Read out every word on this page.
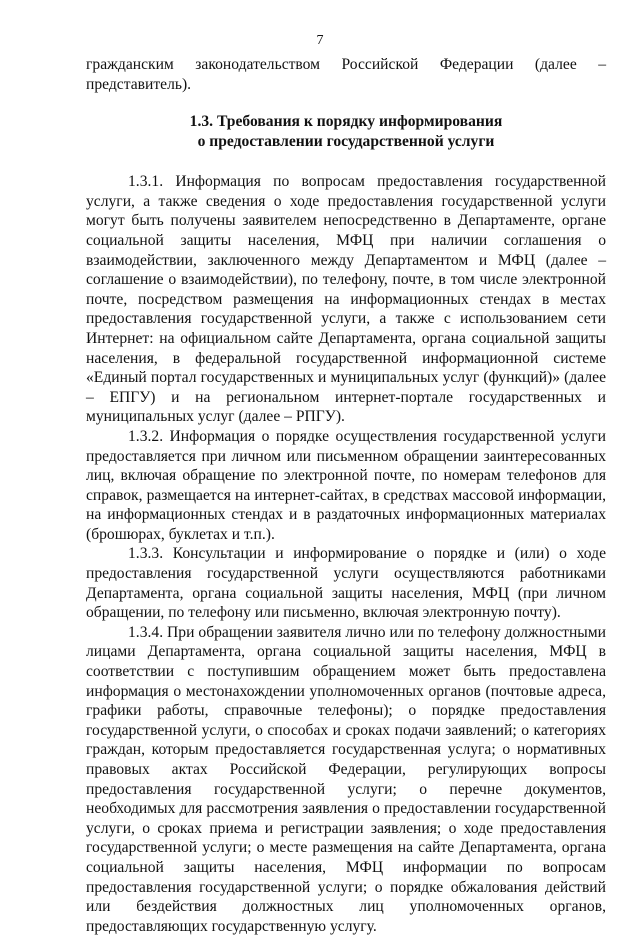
7

гражданским законодательством Российской Федерации (далее – представитель).

1.3. Требования к порядку информирования
о предоставлении государственной услуги

1.3.1. Информация по вопросам предоставления государственной услуги, а также сведения о ходе предоставления государственной услуги могут быть получены заявителем непосредственно в Департаменте, органе социальной защиты населения, МФЦ при наличии соглашения о взаимодействии, заключенного между Департаментом и МФЦ (далее – соглашение о взаимодействии), по телефону, почте, в том числе электронной почте, посредством размещения на информационных стендах в местах предоставления государственной услуги, а также с использованием сети Интернет: на официальном сайте Департамента, органа социальной защиты населения, в федеральной государственной информационной системе «Единый портал государственных и муниципальных услуг (функций)» (далее – ЕПГУ) и на региональном интернет-портале государственных и муниципальных услуг (далее – РПГУ).

1.3.2. Информация о порядке осуществления государственной услуги предоставляется при личном или письменном обращении заинтересованных лиц, включая обращение по электронной почте, по номерам телефонов для справок, размещается на интернет-сайтах, в средствах массовой информации, на информационных стендах и в раздаточных информационных материалах (брошюрах, буклетах и т.п.).

1.3.3. Консультации и информирование о порядке и (или) о ходе предоставления государственной услуги осуществляются работниками Департамента, органа социальной защиты населения, МФЦ (при личном обращении, по телефону или письменно, включая электронную почту).

1.3.4. При обращении заявителя лично или по телефону должностными лицами Департамента, органа социальной защиты населения, МФЦ в соответствии с поступившим обращением может быть предоставлена информация о местонахождении уполномоченных органов (почтовые адреса, графики работы, справочные телефоны); о порядке предоставления государственной услуги, о способах и сроках подачи заявлений; о категориях граждан, которым предоставляется государственная услуга; о нормативных правовых актах Российской Федерации, регулирующих вопросы предоставления государственной услуги; о перечне документов, необходимых для рассмотрения заявления о предоставлении государственной услуги, о сроках приема и регистрации заявления; о ходе предоставления государственной услуги; о месте размещения на сайте Департамента, органа социальной защиты населения, МФЦ информации по вопросам предоставления государственной услуги; о порядке обжалования действий или бездействия должностных лиц уполномоченных органов, предоставляющих государственную услугу.
